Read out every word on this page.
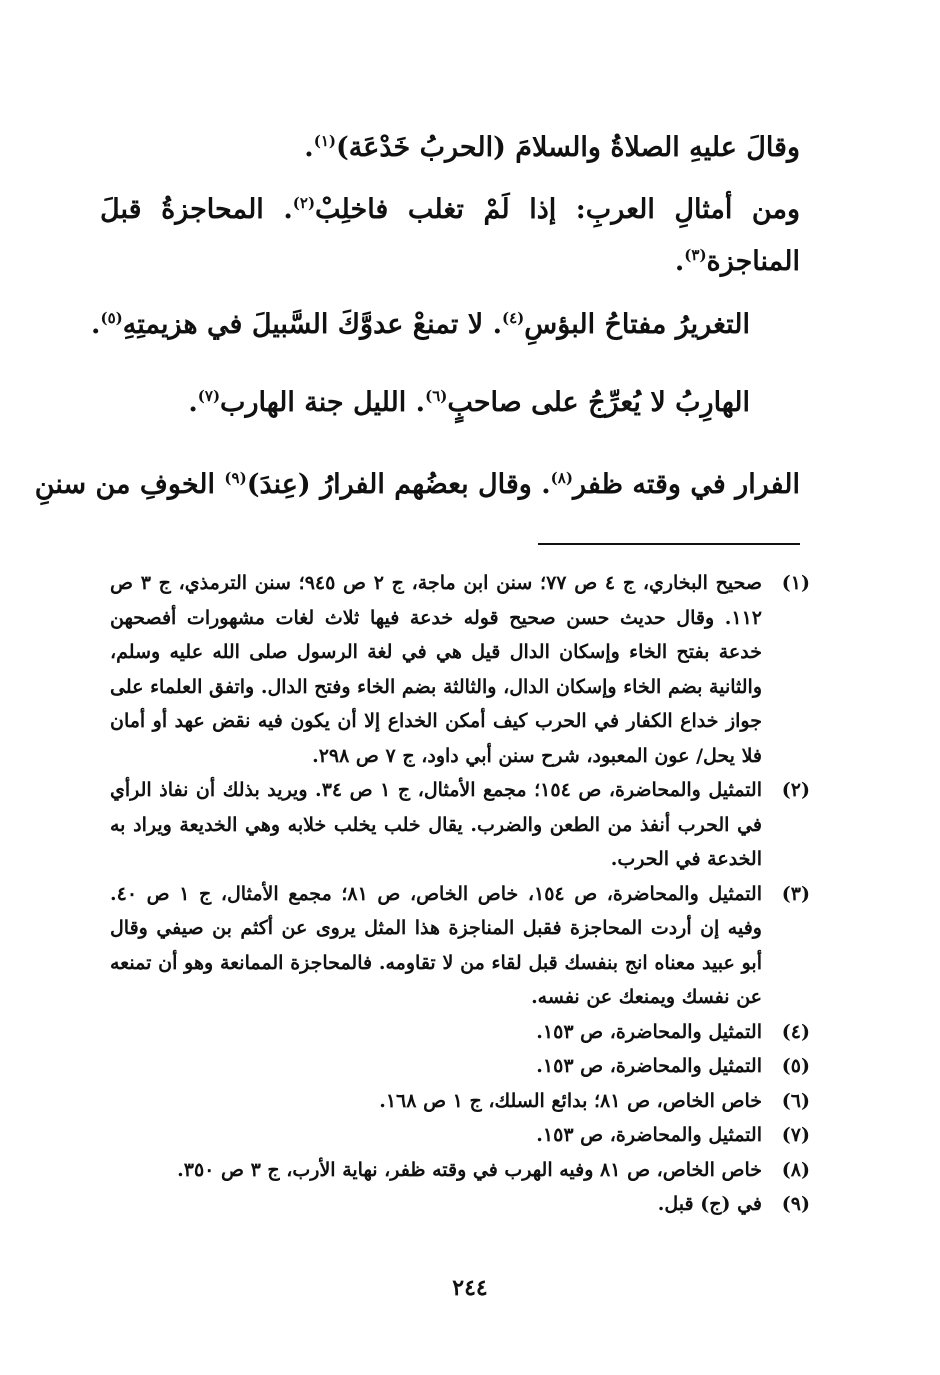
وقالَ عليهِ الصلاةُ والسلامَ (الحربُ خَدْعَة)$^{(١)}$.
ومن أمثالِ العربِ: إذا لَمْ تغلب فاخلِبْ$^{(٢)}$. المحاجزةُ قبلَ المناجزة$^{(٣)}$.
التغريرُ مفتاحُ البؤسِ$^{(٤)}$. لا تمنعْ عدوَّكَ السَّبيلَ في هزيمتِهِ$^{(٥)}$.
الهارِبُ لا يُعرِّجُ على صاحبٍ$^{(٦)}$. الليل جنة الهارب$^{(٧)}$.
الفرار في وقته ظفر$^{(٨)}$. وقال بعضُهم الفرارُ (عِندَ)$^{(٩)}$ الخوفِ من سننِ
(١)
صحيح البخاري، ج ٤ ص ٧٧؛ سنن ابن ماجة، ج ٢ ص ٩٤٥؛ سنن الترمذي، ج ٣ ص ١١٢. وقال حديث حسن صحيح قوله خدعة فيها ثلاث لغات مشهورات أفصحهن خدعة بفتح الخاء وإسكان الدال قيل هي في لغة الرسول صلى الله عليه وسلم، والثانية بضم الخاء وإسكان الدال، والثالثة بضم الخاء وفتح الدال. واتفق العلماء على جواز خداع الكفار في الحرب كيف أمكن الخداع إلا أن يكون فيه نقض عهد أو أمان فلا يحل/ عون المعبود، شرح سنن أبي داود، ج ٧ ص ٢٩٨.
(٢)
التمثيل والمحاضرة، ص ١٥٤؛ مجمع الأمثال، ج ١ ص ٣٤. ويريد بذلك أن نفاذ الرأي في الحرب أنفذ من الطعن والضرب. يقال خلب يخلب خلابه وهي الخديعة ويراد به الخدعة في الحرب.
(٣)
التمثيل والمحاضرة، ص ١٥٤، خاص الخاص، ص ٨١؛ مجمع الأمثال، ج ١ ص ٤٠. وفيه إن أردت المحاجزة فقبل المناجزة هذا المثل يروى عن أكثم بن صيفي وقال أبو عبيد معناه انج بنفسك قبل لقاء من لا تقاومه. فالمحاجزة الممانعة وهو أن تمنعه عن نفسك ويمنعك عن نفسه.
(٤)
التمثيل والمحاضرة، ص ١٥٣.
(٥)
التمثيل والمحاضرة، ص ١٥٣.
(٦)
خاص الخاص، ص ٨١؛ بدائع السلك، ج ١ ص ١٦٨.
(٧)
التمثيل والمحاضرة، ص ١٥٣.
(٨)
خاص الخاص، ص ٨١ وفيه الهرب في وقته ظفر، نهاية الأرب، ج ٣ ص ٣٥٠.
(٩)
في (ج) قبل.
٢٤٤
